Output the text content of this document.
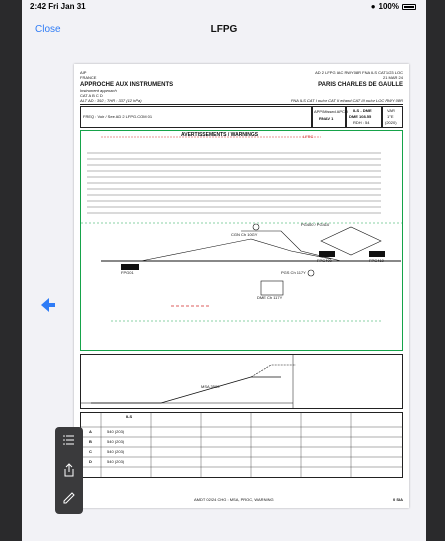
2:42 Fri Jan 31	● 100%
Close	LFPG
AIP
FRANCE
AD 2 LFPG IAC RWY08R FNA ILS CAT1/23 LOC
21 MAR 24
APPROCHE AUX INSTRUMENTS
Instrument approach
CAT A B C D
ALT AD : 392 ; THR : 337 (12 hPa)
PARIS CHARLES DE GAULLE
FNA ILS CAT I ou/or CAT II et/and CAT III ou/or LOC RWY 08R
FREQ : Voir / See AD 2 LFPG.COM 01
APP/Missed APCH
RNAV 1
ILS - DME
DME 108.55
RDH : 54
VAR
1°E
(2020)
AVERTISSEMENTS / WARNINGS	LFRC
CGN Ch 10GY
PG400 / PG410
PGS Ch 117Y
DME Ch 117Y
FPG01
FPG400	FPG410
MSA 3500
ILS
A	540 (203)
B	540 (203)
C	540 (203)
D	540 (203)
AMDT 02/24 CHG : MSA, PROC, WARNING	0 SIA
